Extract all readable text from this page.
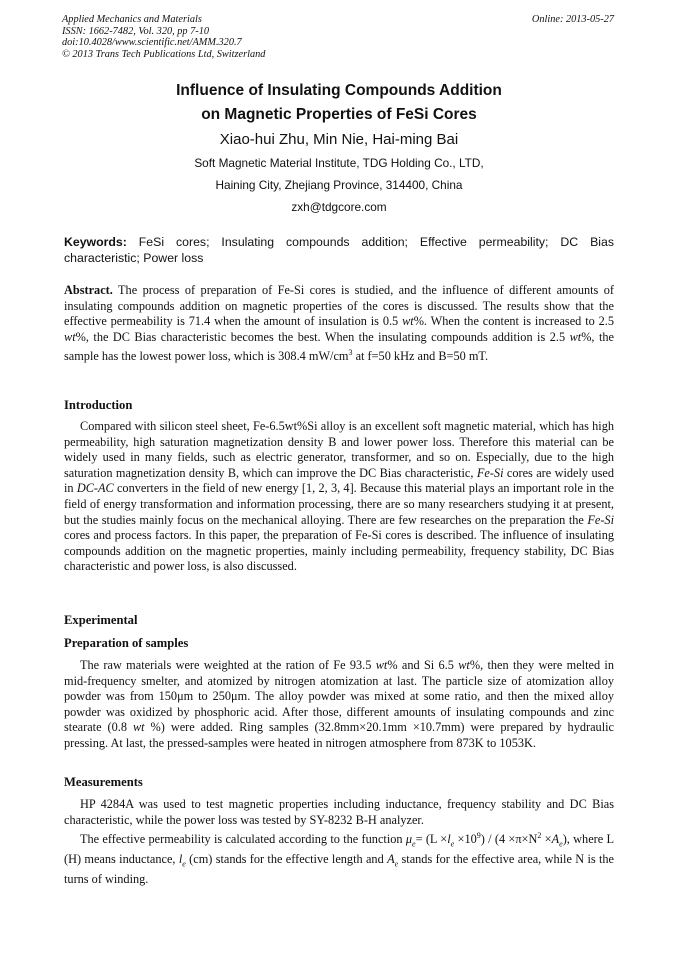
Applied Mechanics and Materials
ISSN: 1662-7482, Vol. 320, pp 7-10
doi:10.4028/www.scientific.net/AMM.320.7
© 2013 Trans Tech Publications Ltd, Switzerland
Online: 2013-05-27
Influence of Insulating Compounds Addition
on Magnetic Properties of FeSi Cores
Xiao-hui Zhu, Min Nie, Hai-ming Bai
Soft Magnetic Material Institute, TDG Holding Co., LTD,
Haining City, Zhejiang Province, 314400, China
zxh@tdgcore.com
Keywords: FeSi cores; Insulating compounds addition; Effective permeability; DC Bias characteristic; Power loss
Abstract. The process of preparation of Fe-Si cores is studied, and the influence of different amounts of insulating compounds addition on magnetic properties of the cores is discussed. The results show that the effective permeability is 71.4 when the amount of insulation is 0.5 wt%. When the content is increased to 2.5 wt%, the DC Bias characteristic becomes the best. When the insulating compounds addition is 2.5 wt%, the sample has the lowest power loss, which is 308.4 $mW/cm^3$ at f=50 kHz and B=50 mT.
Introduction

Compared with silicon steel sheet, Fe-6.5wt%Si alloy is an excellent soft magnetic material, which has high permeability, high saturation magnetization density B and lower power loss. Therefore this material can be widely used in many fields, such as electric generator, transformer, and so on. Especially, due to the high saturation magnetization density B, which can improve the DC Bias characteristic, Fe-Si cores are widely used in DC-AC converters in the field of new energy [1, 2, 3, 4]. Because this material plays an important role in the field of energy transformation and information processing, there are so many researchers studying it at present, but the studies mainly focus on the mechanical alloying. There are few researches on the preparation the Fe-Si cores and process factors. In this paper, the preparation of Fe-Si cores is described. The influence of insulating compounds addition on the magnetic properties, mainly including permeability, frequency stability, DC Bias characteristic and power loss, is also discussed.

Experimental
Preparation of samples

The raw materials were weighted at the ration of Fe 93.5 wt% and Si 6.5 wt%, then they were melted in mid-frequency smelter, and atomized by nitrogen atomization at last. The particle size of atomization alloy powder was from 150μm to 250μm. The alloy powder was mixed at some ratio, and then the mixed alloy powder was oxidized by phosphoric acid. After those, different amounts of insulating compounds and zinc stearate (0.8 wt %) were added. Ring samples (32.8mm×20.1mm ×10.7mm) were prepared by hydraulic pressing. At last, the pressed-samples were heated in nitrogen atmosphere from 873K to 1053K.

Measurements

HP 4284A was used to test magnetic properties including inductance, frequency stability and DC Bias characteristic, while the power loss was tested by SY-8232 B-H analyzer.

The effective permeability is calculated according to the function $\mu_e= (L \times l_e \times 10^9) / (4 \times\pi\times N^2 \times A_e)$, where L (H) means inductance, $l_e$ (cm) stands for the effective length and $A_e$ stands for the effective area, while N is the turns of winding.
